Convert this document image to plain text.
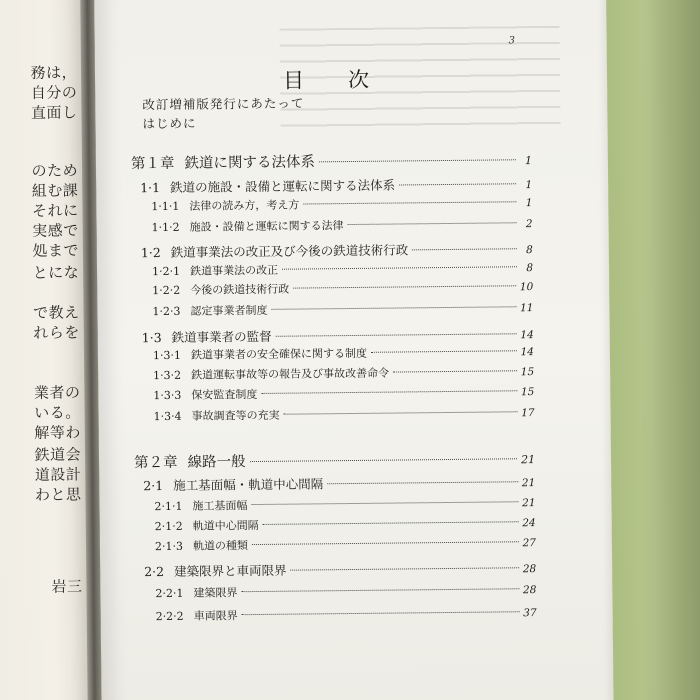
務は，
自分の
直面し
のため
組む課
それに
実感で
処まで
とにな
で教え
れらを
業者の
いる。
解等わ
鉄道会
道設計
わと思
岩三
3
目次
改訂増補版発行にあたって
はじめに
第１章 鉄道に関する法体系	1
1·1 鉄道の施設・設備と運転に関する法体系	1
1·1·1 法律の読み方，考え方	1
1·1·2 施設・設備と運転に関する法律	2
1·2 鉄道事業法の改正及び今後の鉄道技術行政	8
1·2·1 鉄道事業法の改正	8
1·2·2 今後の鉄道技術行政	10
1·2·3 認定事業者制度	11
1·3 鉄道事業者の監督	14
1·3·1 鉄道事業者の安全確保に関する制度	14
1·3·2 鉄道運転事故等の報告及び事故改善命令	15
1·3·3 保安監査制度	15
1·3·4 事故調査等の充実	17
第２章 線路一般	21
2·1 施工基面幅・軌道中心間隔	21
2·1·1 施工基面幅	21
2·1·2 軌道中心間隔	24
2·1·3 軌道の種類	27
2·2 建築限界と車両限界	28
2·2·1 建築限界	28
2·2·2 車両限界	37
